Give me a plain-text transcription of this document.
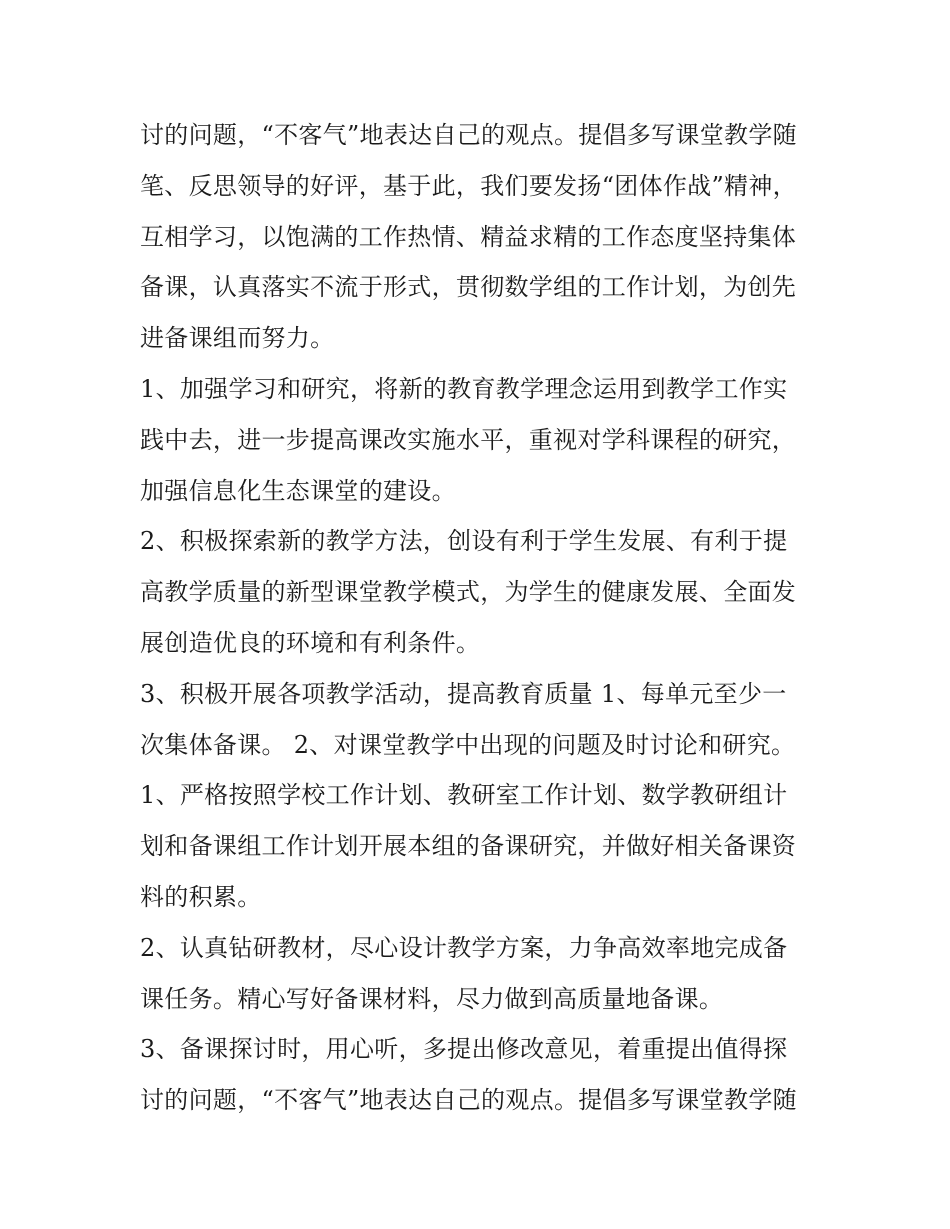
讨的问题，“不客气”地表达自己的观点。提倡多写课堂教学随
笔、反思领导的好评，基于此，我们要发扬“团体作战”精神，
互相学习，以饱满的工作热情、精益求精的工作态度坚持集体
备课，认真落实不流于形式，贯彻数学组的工作计划，为创先
进备课组而努力。
1、加强学习和研究，将新的教育教学理念运用到教学工作实
践中去，进一步提高课改实施水平，重视对学科课程的研究，
加强信息化生态课堂的建设。
2、积极探索新的教学方法，创设有利于学生发展、有利于提
高教学质量的新型课堂教学模式，为学生的健康发展、全面发
展创造优良的环境和有利条件。
3、积极开展各项教学活动，提高教育质量 1、每单元至少一
次集体备课。 2、对课堂教学中出现的问题及时讨论和研究。
1、严格按照学校工作计划、教研室工作计划、数学教研组计
划和备课组工作计划开展本组的备课研究，并做好相关备课资
料的积累。
2、认真钻研教材，尽心设计教学方案，力争高效率地完成备
课任务。精心写好备课材料，尽力做到高质量地备课。
3、备课探讨时，用心听，多提出修改意见，着重提出值得探
讨的问题，“不客气”地表达自己的观点。提倡多写课堂教学随
